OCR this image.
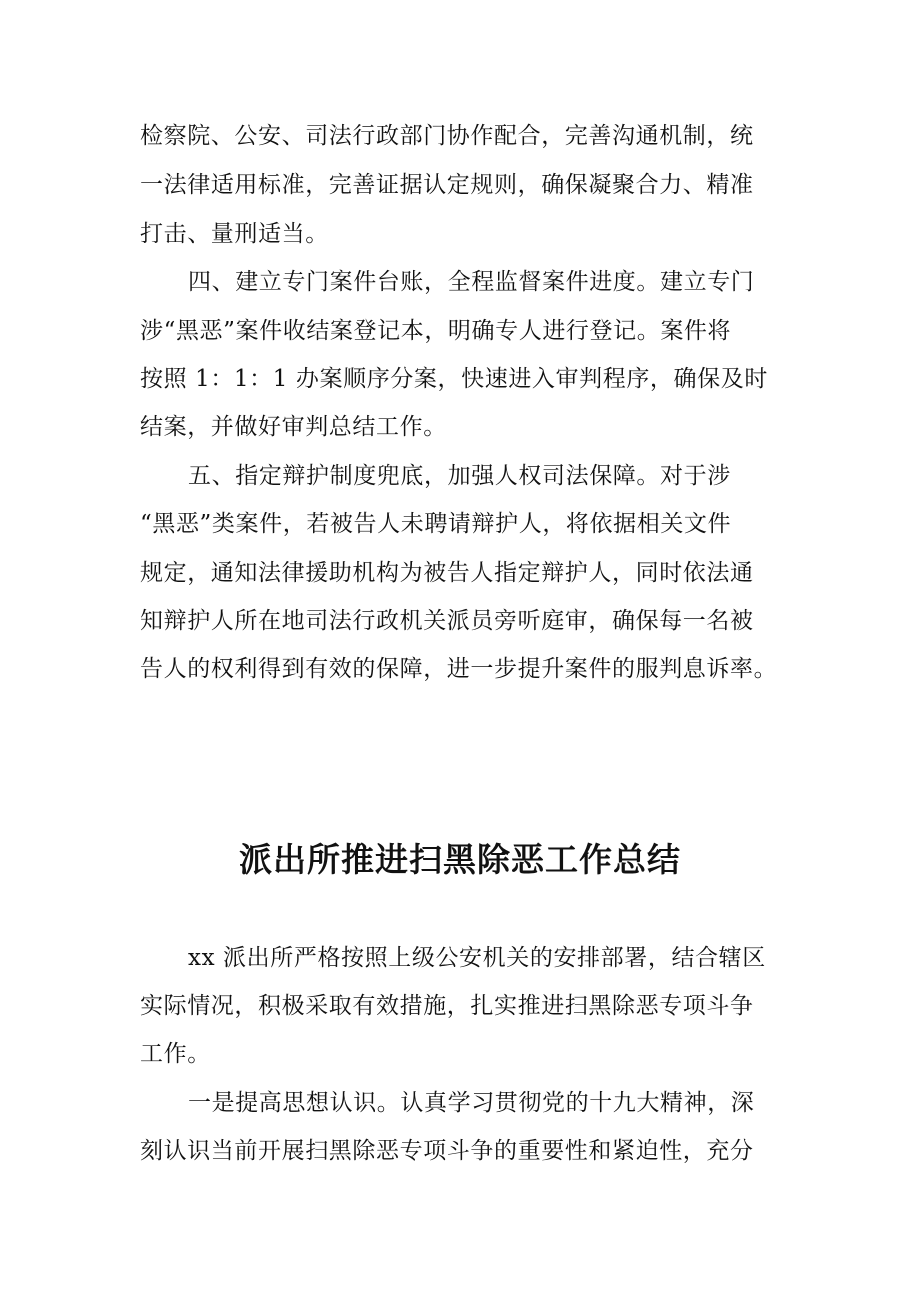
检察院、公安、司法行政部门协作配合，完善沟通机制，统
一法律适用标准，完善证据认定规则，确保凝聚合力、精准
打击、量刑适当。
四、建立专门案件台账，全程监督案件进度。建立专门
涉“黑恶”案件收结案登记本，明确专人进行登记。案件将
按照 1：1：1 办案顺序分案，快速进入审判程序，确保及时
结案，并做好审判总结工作。
五、指定辩护制度兜底，加强人权司法保障。对于涉
“黑恶”类案件，若被告人未聘请辩护人，将依据相关文件
规定，通知法律援助机构为被告人指定辩护人，同时依法通
知辩护人所在地司法行政机关派员旁听庭审，确保每一名被
告人的权利得到有效的保障，进一步提升案件的服判息诉率。
派出所推进扫黑除恶工作总结
xx 派出所严格按照上级公安机关的安排部署，结合辖区
实际情况，积极采取有效措施，扎实推进扫黑除恶专项斗争
工作。
一是提高思想认识。认真学习贯彻党的十九大精神，深
刻认识当前开展扫黑除恶专项斗争的重要性和紧迫性，充分
